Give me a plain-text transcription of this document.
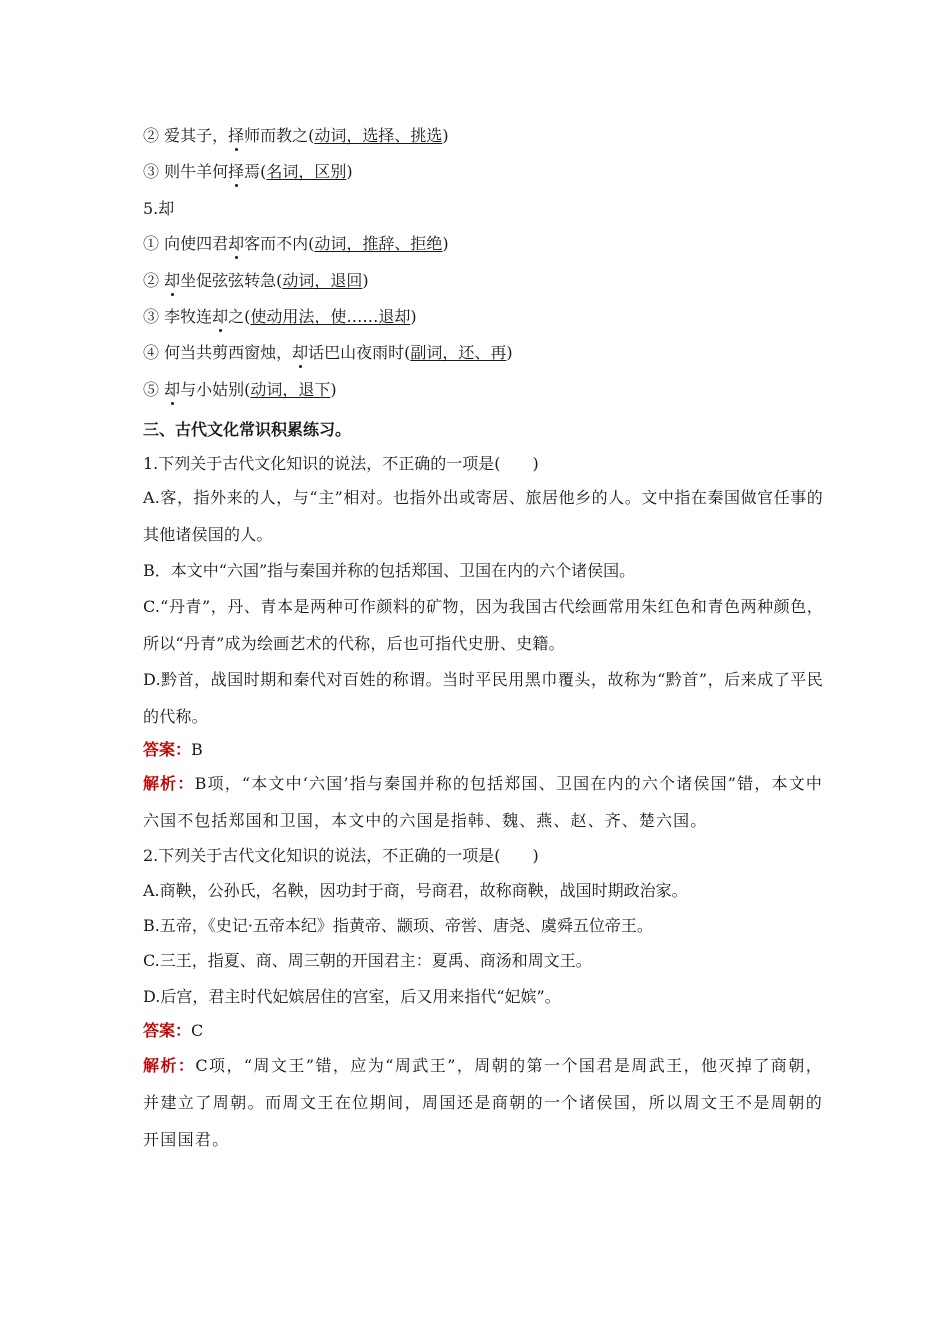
② 爱其子，择师而教之(动词，选择、挑选)
③ 则牛羊何择焉(名词，区别)
5.却
① 向使四君却客而不内(动词，推辞、拒绝)
② 却坐促弦弦转急(动词，退回)
③ 李牧连却之(使动用法，使……退却)
④ 何当共剪西窗烛，却话巴山夜雨时(副词，还、再)
⑤ 却与小姑别(动词，退下)
三、古代文化常识积累练习。
1.下列关于古代文化知识的说法，不正确的一项是(　　)
A.客，指外来的人，与“主”相对。也指外出或寄居、旅居他乡的人。文中指在秦国做官任事的其他诸侯国的人。
B．本文中“六国”指与秦国并称的包括郑国、卫国在内的六个诸侯国。
C.“丹青”，丹、青本是两种可作颜料的矿物，因为我国古代绘画常用朱红色和青色两种颜色，所以“丹青”成为绘画艺术的代称，后也可指代史册、史籍。
D.黔首，战国时期和秦代对百姓的称谓。当时平民用黑巾覆头，故称为“黔首”，后来成了平民的代称。
答案：B
解析：B项，“本文中‘六国’指与秦国并称的包括郑国、卫国在内的六个诸侯国”错，本文中六国不包括郑国和卫国，本文中的六国是指韩、魏、燕、赵、齐、楚六国。
2.下列关于古代文化知识的说法，不正确的一项是(　　)
A.商鞅，公孙氏，名鞅，因功封于商，号商君，故称商鞅，战国时期政治家。
B.五帝，《史记·五帝本纪》指黄帝、颛顼、帝喾、唐尧、虞舜五位帝王。
C.三王，指夏、商、周三朝的开国君主：夏禹、商汤和周文王。
D.后宫，君主时代妃嫔居住的宫室，后又用来指代“妃嫔”。
答案：C
解析：C项，“周文王”错，应为“周武王”，周朝的第一个国君是周武王，他灭掉了商朝，并建立了周朝。而周文王在位期间，周国还是商朝的一个诸侯国，所以周文王不是周朝的开国国君。
